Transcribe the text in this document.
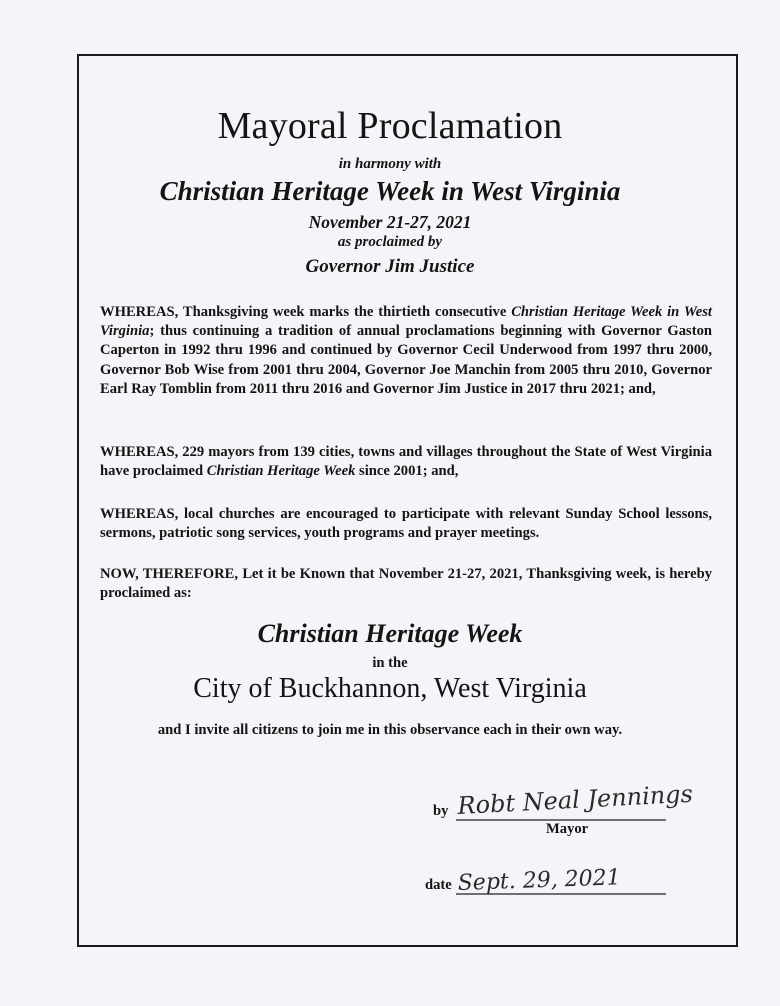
Mayoral Proclamation
in harmony with
Christian Heritage Week in West Virginia
November 21-27, 2021
as proclaimed by
Governor Jim Justice
WHEREAS, Thanksgiving week marks the thirtieth consecutive Christian Heritage Week in West Virginia; thus continuing a tradition of annual proclamations beginning with Governor Gaston Caperton in 1992 thru 1996 and continued by Governor Cecil Underwood from 1997 thru 2000, Governor Bob Wise from 2001 thru 2004, Governor Joe Manchin from 2005 thru 2010, Governor Earl Ray Tomblin from 2011 thru 2016 and Governor Jim Justice in 2017 thru 2021; and,
WHEREAS, 229 mayors from 139 cities, towns and villages throughout the State of West Virginia have proclaimed Christian Heritage Week since 2001; and,
WHEREAS, local churches are encouraged to participate with relevant Sunday School lessons, sermons, patriotic song services, youth programs and prayer meetings.
NOW, THEREFORE, Let it be Known that November 21-27, 2021, Thanksgiving week, is hereby proclaimed as:
Christian Heritage Week
in the
City of Buckhannon, West Virginia
and I invite all citizens to join me in this observance each in their own way.
by Robt Neal Jennings
Mayor
date Sept. 29, 2021
